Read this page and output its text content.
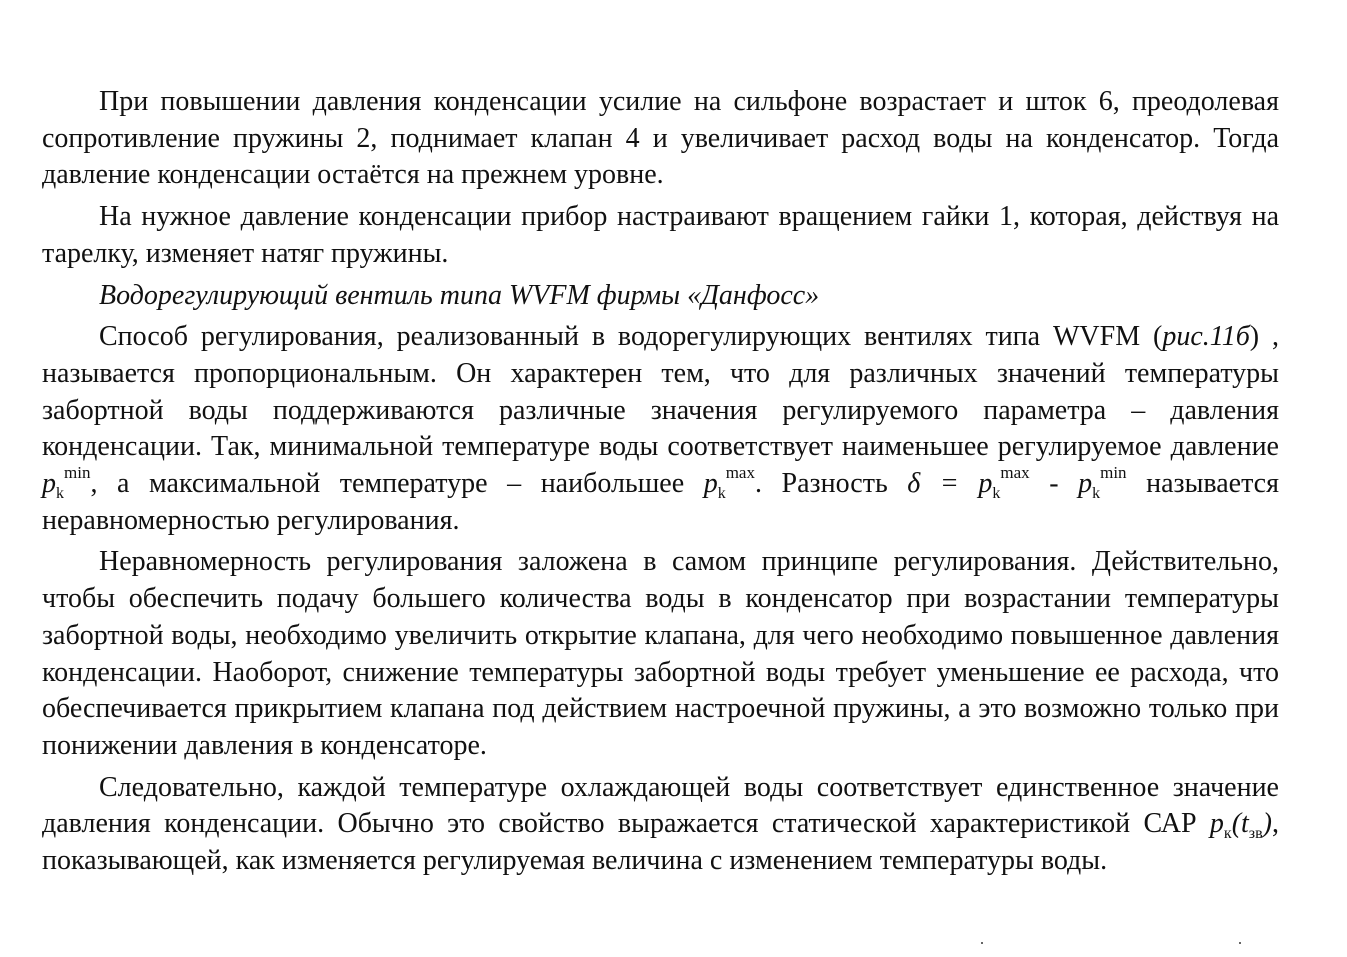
При повышении давления конденсации усилие на сильфоне возрастает и шток 6, преодолевая сопротивление пружины 2, поднимает клапан 4 и увеличивает расход воды на конденсатор. Тогда давление конденсации остаётся на прежнем уровне.

На нужное давление конденсации прибор настраивают вращением гайки 1, которая, действуя на тарелку, изменяет натяг пружины.

Водорегулирующий вентиль типа WVFM фирмы «Данфосс»

Способ регулирования, реализованный в водорегулирующих вентилях типа WVFM (рис.11б) , называется пропорциональным. Он характерен тем, что для различных значений температуры забортной воды поддерживаются различные значения регулируемого параметра – давления конденсации. Так, минимальной температуре воды соответствует наименьшее регулируемое давление $p_k^{min}$, а максимальной температуре – наибольшее $p_k^{max}$. Разность $\delta = p_k^{max} - p_k^{min}$ называется неравномерностью регулирования.

Неравномерность регулирования заложена в самом принципе регулирования. Действительно, чтобы обеспечить подачу большего количества воды в конденсатор при возрастании температуры забортной воды, необходимо увеличить открытие клапана, для чего необходимо повышенное давления конденсации. Наоборот, снижение температуры забортной воды требует уменьшение ее расхода, что обеспечивается прикрытием клапана под действием настроечной пружины, а это возможно только при понижении давления в конденсаторе.

Следовательно, каждой температуре охлаждающей воды соответствует единственное значение давления конденсации. Обычно это свойство выражается статической характеристикой САР $p_к(t_{зв})$, показывающей, как изменяется регулируемая величина с изменением температуры воды.
